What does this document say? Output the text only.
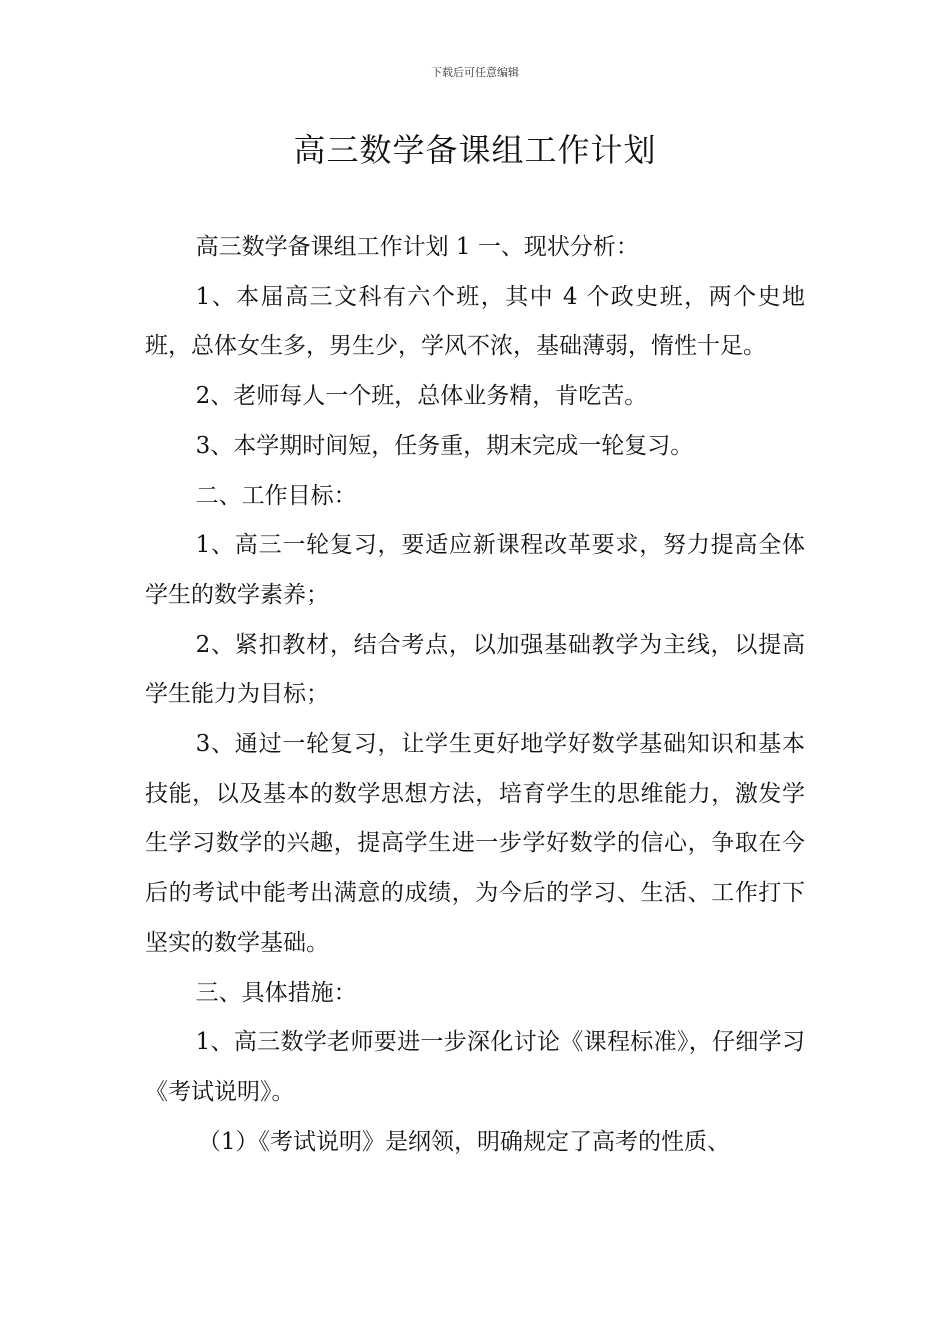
下载后可任意编辑
高三数学备课组工作计划

高三数学备课组工作计划 1 一、现状分析：

1、本届高三文科有六个班，其中 4 个政史班，两个史地班，总体女生多，男生少，学风不浓，基础薄弱，惰性十足。

2、老师每人一个班，总体业务精，肯吃苦。

3、本学期时间短，任务重，期末完成一轮复习。

二、工作目标：

1、高三一轮复习，要适应新课程改革要求，努力提高全体学生的数学素养；

2、紧扣教材，结合考点，以加强基础教学为主线，以提高学生能力为目标；

3、通过一轮复习，让学生更好地学好数学基础知识和基本技能，以及基本的数学思想方法，培育学生的思维能力，激发学生学习数学的兴趣，提高学生进一步学好数学的信心，争取在今后的考试中能考出满意的成绩，为今后的学习、生活、工作打下坚实的数学基础。

三、具体措施：

1、高三数学老师要进一步深化讨论《课程标准》，仔细学习《考试说明》。

（1）《考试说明》是纲领，明确规定了高考的性质、
